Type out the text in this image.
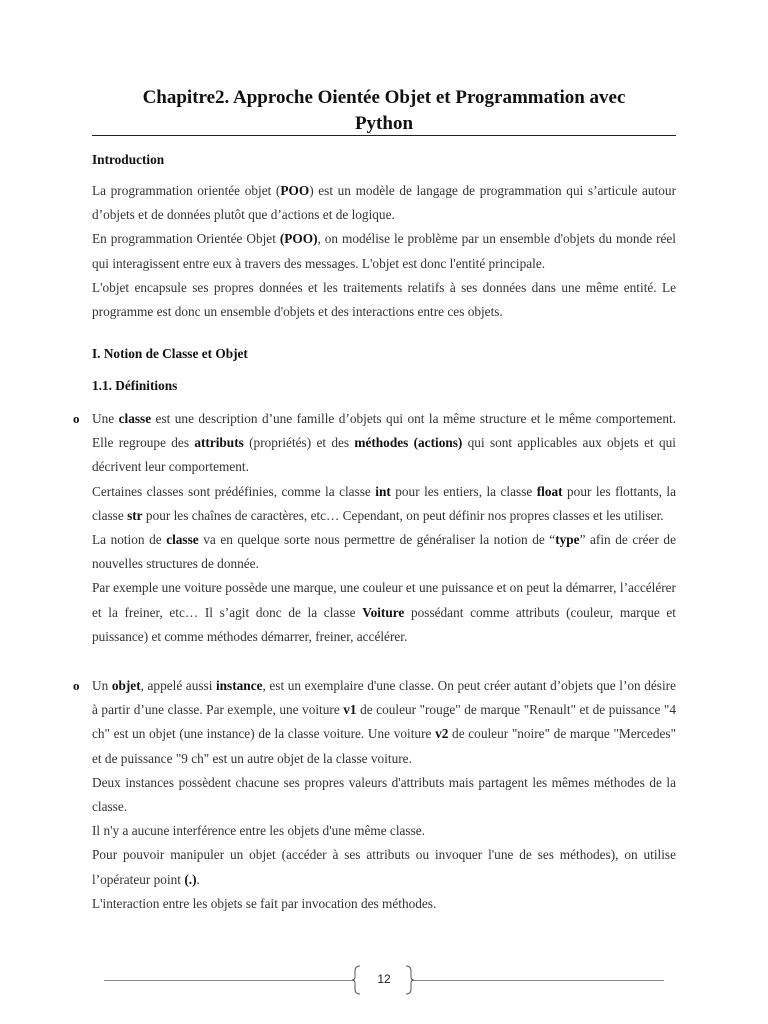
Chapitre2. Approche Oientée Objet et Programmation avec
Python
Introduction

La programmation orientée objet (POO) est un modèle de langage de programmation qui s’articule autour d’objets et de données plutôt que d’actions et de logique.

En programmation Orientée Objet (POO), on modélise le problème par un ensemble d'objets du monde réel qui interagissent entre eux à travers des messages. L'objet est donc l'entité principale.

L'objet encapsule ses propres données et les traitements relatifs à ses données dans une même entité. Le programme est donc un ensemble d'objets et des interactions entre ces objets.

I. Notion de Classe et Objet
1.1. Définitions
o Une classe est une description d’une famille d’objets qui ont la même structure et le même comportement. Elle regroupe des attributs (propriétés) et des méthodes (actions) qui sont applicables aux objets et qui décrivent leur comportement.

Certaines classes sont prédéfinies, comme la classe int pour les entiers, la classe float pour les flottants, la classe str pour les chaînes de caractères, etc… Cependant, on peut définir nos propres classes et les utiliser.

La notion de classe va en quelque sorte nous permettre de généraliser la notion de “type” afin de créer de nouvelles structures de donnée.

Par exemple une voiture possède une marque, une couleur et une puissance et on peut la démarrer, l’accélérer et la freiner, etc… Il s’agit donc de la classe Voiture possédant comme attributs (couleur, marque et puissance) et comme méthodes démarrer, freiner, accélérer.

o Un objet, appelé aussi instance, est un exemplaire d'une classe. On peut créer autant d’objets que l’on désire à partir d’une classe. Par exemple, une voiture v1 de couleur "rouge" de marque "Renault" et de puissance "4 ch" est un objet (une instance) de la classe voiture. Une voiture v2 de couleur "noire" de marque "Mercedes" et de puissance "9 ch" est un autre objet de la classe voiture.

Deux instances possèdent chacune ses propres valeurs d'attributs mais partagent les mêmes méthodes de la classe.

Il n'y a aucune interférence entre les objets d'une même classe.

Pour pouvoir manipuler un objet (accéder à ses attributs ou invoquer l'une de ses méthodes), on utilise l’opérateur point (.).

L'interaction entre les objets se fait par invocation des méthodes.

12
